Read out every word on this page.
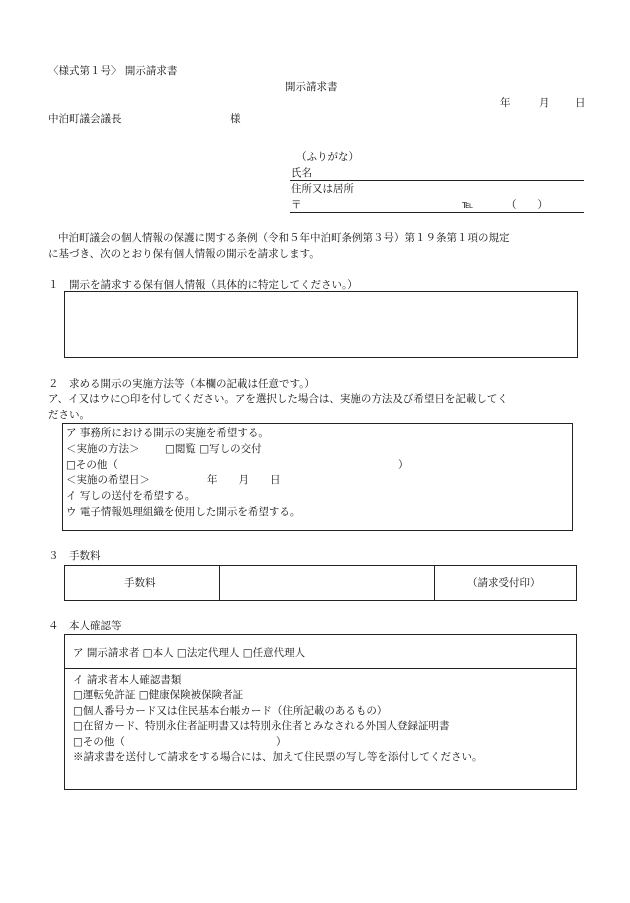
〈様式第１号〉 開示請求書
開示請求書
年	月 日
中泊町議会議長	様
（ふりがな）
氏名
住所又は居所
〒	℡	（　　）
中泊町議会の個人情報の保護に関する条例（令和５年中泊町条例第３号）第１９条第１項の規定
に基づき、次のとおり保有個人情報の開示を請求します。
１　開示を請求する保有個人情報（具体的に特定してください。）
２　求める開示の実施方法等（本欄の記載は任意です。）
ア、イ又はウに○印を付してください。アを選択した場合は、実施の方法及び希望日を記載してく
ださい。
ア 事務所における開示の実施を希望する。
＜実施の方法＞ □閲覧 □写しの交付
□その他（	）
＜実施の希望日＞	年　　月　　日
イ 写しの送付を希望する。
ウ 電子情報処理組織を使用した開示を希望する。
３　手数料
手数料	（請求受付印）
４　本人確認等
ア 開示請求者 □本人 □法定代理人 □任意代理人
イ 請求者本人確認書類
□運転免許証 □健康保険被保険者証
□個人番号カード又は住民基本台帳カード（住所記載のあるもの）
□在留カード、特別永住者証明書又は特別永住者とみなされる外国人登録証明書
□その他（	）
※請求書を送付して請求をする場合には、加えて住民票の写し等を添付してください。
